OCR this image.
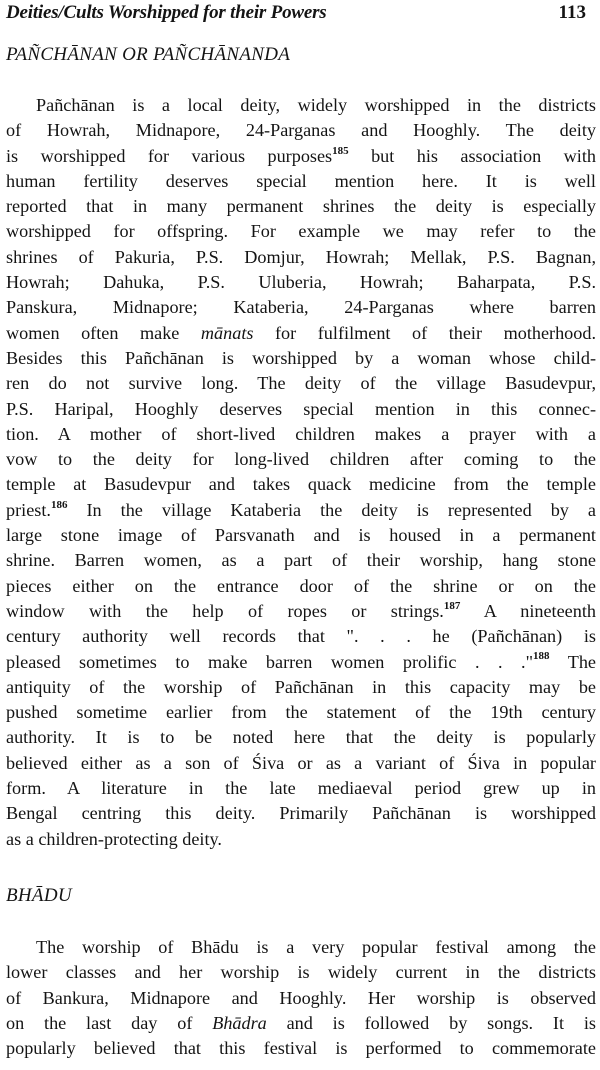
Deities/Cults Worshipped for their Powers	113
PAÑCHĀNAN OR PAÑCHĀNANDA
Pañchānan is a local deity, widely worshipped in the districts
of Howrah, Midnapore, 24-Parganas and Hooghly. The deity
is worshipped for various purposes$^{185}$ but his association with
human fertility deserves special mention here. It is well
reported that in many permanent shrines the deity is especially
worshipped for offspring. For example we may refer to the
shrines of Pakuria, P.S. Domjur, Howrah; Mellak, P.S. Bagnan,
Howrah; Dahuka, P.S. Uluberia, Howrah; Baharpata, P.S.
Panskura, Midnapore; Kataberia, 24-Parganas where barren
women often make mānats for fulfilment of their motherhood.
Besides this Pañchānan is worshipped by a woman whose child-
ren do not survive long. The deity of the village Basudevpur,
P.S. Haripal, Hooghly deserves special mention in this connec-
tion. A mother of short-lived children makes a prayer with a
vow to the deity for long-lived children after coming to the
temple at Basudevpur and takes quack medicine from the temple
priest.$^{186}$ In the village Kataberia the deity is represented by a
large stone image of Parsvanath and is housed in a permanent
shrine. Barren women, as a part of their worship, hang stone
pieces either on the entrance door of the shrine or on the
window with the help of ropes or strings.$^{187}$ A nineteenth
century authority well records that ". . . he (Pañchānan) is
pleased sometimes to make barren women prolific . . ."$^{188}$ The
antiquity of the worship of Pañchānan in this capacity may be
pushed sometime earlier from the statement of the 19th century
authority. It is to be noted here that the deity is popularly
believed either as a son of Śiva or as a variant of Śiva in popular
form. A literature in the late mediaeval period grew up in
Bengal centring this deity. Primarily Pañchānan is worshipped
as a children-protecting deity.
BHĀDU
The worship of Bhādu is a very popular festival among the
lower classes and her worship is widely current in the districts
of Bankura, Midnapore and Hooghly. Her worship is observed
on the last day of Bhādra and is followed by songs. It is
popularly believed that this festival is performed to commemorate
